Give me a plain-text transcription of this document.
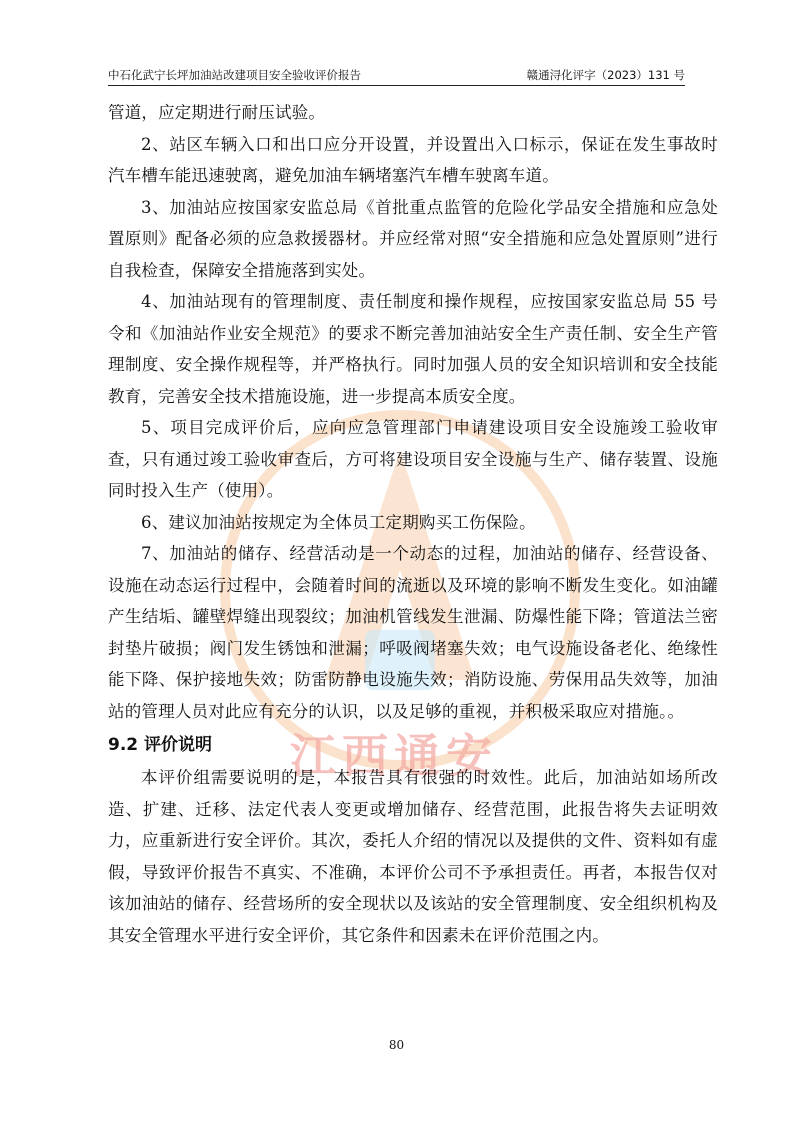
中石化武宁长坪加油站改建项目安全验收评价报告	赣通浔化评字（2023）131 号
江西通安

管道，应定期进行耐压试验。

2、站区车辆入口和出口应分开设置，并设置出入口标示，保证在发生事故时汽车槽车能迅速驶离，避免加油车辆堵塞汽车槽车驶离车道。

3、加油站应按国家安监总局《首批重点监管的危险化学品安全措施和应急处置原则》配备必须的应急救援器材。并应经常对照“安全措施和应急处置原则”进行自我检查，保障安全措施落到实处。

4、加油站现有的管理制度、责任制度和操作规程，应按国家安监总局 55 号令和《加油站作业安全规范》的要求不断完善加油站安全生产责任制、安全生产管理制度、安全操作规程等，并严格执行。同时加强人员的安全知识培训和安全技能教育，完善安全技术措施设施，进一步提高本质安全度。

5、项目完成评价后，应向应急管理部门申请建设项目安全设施竣工验收审查，只有通过竣工验收审查后，方可将建设项目安全设施与生产、储存装置、设施同时投入生产（使用）。

6、建议加油站按规定为全体员工定期购买工伤保险。

7、加油站的储存、经营活动是一个动态的过程，加油站的储存、经营设备、设施在动态运行过程中，会随着时间的流逝以及环境的影响不断发生变化。如油罐产生结垢、罐壁焊缝出现裂纹；加油机管线发生泄漏、防爆性能下降；管道法兰密封垫片破损；阀门发生锈蚀和泄漏；呼吸阀堵塞失效；电气设施设备老化、绝缘性能下降、保护接地失效；防雷防静电设施失效；消防设施、劳保用品失效等，加油站的管理人员对此应有充分的认识，以及足够的重视，并积极采取应对措施。。

9.2 评价说明

本评价组需要说明的是，本报告具有很强的时效性。此后，加油站如场所改造、扩建、迁移、法定代表人变更或增加储存、经营范围，此报告将失去证明效力，应重新进行安全评价。其次，委托人介绍的情况以及提供的文件、资料如有虚假，导致评价报告不真实、不准确，本评价公司不予承担责任。再者，本报告仅对该加油站的储存、经营场所的安全现状以及该站的安全管理制度、安全组织机构及其安全管理水平进行安全评价，其它条件和因素未在评价范围之内。

80
